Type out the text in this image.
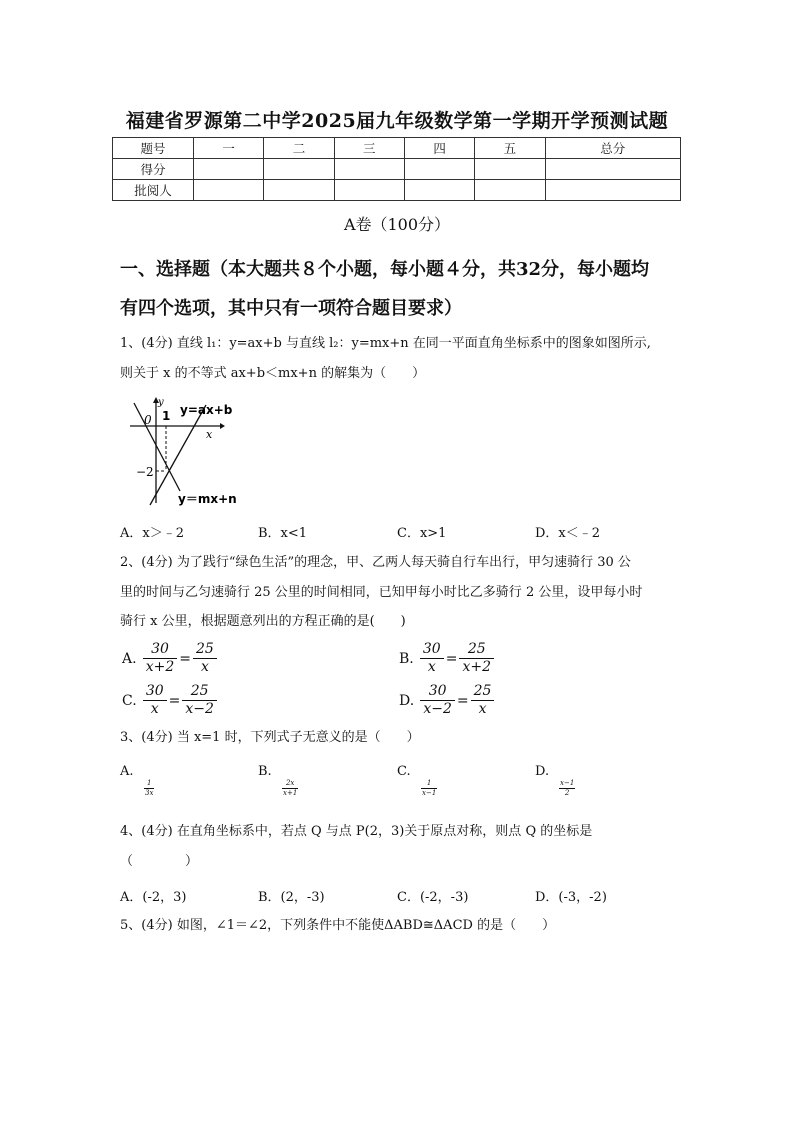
福建省罗源第二中学2025届九年级数学第一学期开学预测试题
题号	一	二	三	四	五	总分
得分						
批阅人						
A卷（100分）
一、选择题（本大题共８个小题，每小题４分，共32分，每小题均
有四个选项，其中只有一项符合题目要求）
1、(4分) 直线 l₁：y=ax+b 与直线 l₂：y=mx+n 在同一平面直角坐标系中的图象如图所示,
则关于 x 的不等式 ax+b＜mx+n 的解集为（　　）
y=ax+b
y＝mx+n
y
x
0 1
−2
A．x＞﹣2	B．x<1	C．x>1	D．x＜﹣2
2、(4分) 为了践行“绿色生活”的理念，甲、乙两人每天骑自行车出行，甲匀速骑行 30 公
里的时间与乙匀速骑行 25 公里的时间相同，已知甲每小时比乙多骑行 2 公里，设甲每小时
骑行 x 公里，根据题意列出的方程正确的是(　　)
A. $\frac{30}{x+2} = \frac{25}{x}$	B. $\frac{30}{x} = \frac{25}{x+2}$
C. $\frac{30}{x} = \frac{25}{x-2}$	D. $\frac{30}{x-2} = \frac{25}{x}$
3、(4分) 当 x=1 时，下列式子无意义的是（　　）
A.
$\frac{1}{3x}$
B.
$\frac{2x}{x+1}$
C.
$\frac{1}{x-1}$
D.
$\frac{x-1}{2}$
4、(4分) 在直角坐标系中，若点 Q 与点 P(2，3)关于原点对称，则点 Q 的坐标是
（　　　　）
A．(-2，3)	B．(2，-3)	C．(-2，-3)	D．(-3，-2)
5、(4分) 如图，∠1＝∠2，下列条件中不能使ΔABD≅ΔACD 的是（　　）
